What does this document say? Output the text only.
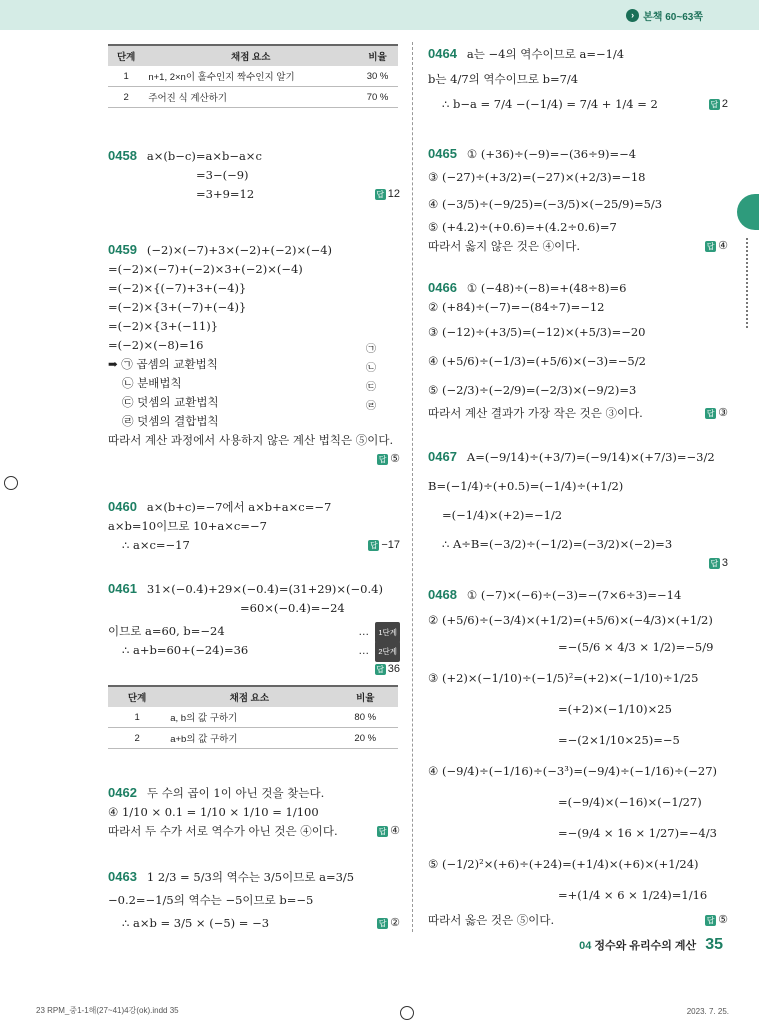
› 본책 60~63쪽
단계	채점 요소	비율
1	n+1, 2×n이 홀수인지 짝수인지 알기	30 %
2	주어진 식 계산하기	70 %
0458 a×(b−c)=a×b−a×c
=3−(−9)
=3+9=12	답 12
0459 (−2)×(−7)+3×(−2)+(−2)×(−4)
=(−2)×(−7)+(−2)×3+(−2)×(−4)
=(−2)×{(−7)+3+(−4)}
=(−2)×{3+(−7)+(−4)}
=(−2)×{3+(−11)}
=(−2)×(−8)=16	㉠
㉡
㉢
㉣
➡ ㉠ 곱셈의 교환법칙
㉡ 분배법칙
㉢ 덧셈의 교환법칙
㉣ 덧셈의 결합법칙
따라서 계산 과정에서 사용하지 않은 계산 법칙은 ⑤이다.
답 ⑤

0460 a×(b+c)=−7에서 a×b+a×c=−7
a×b=10이므로 10+a×c=−7
∴ a×c=−17	답 −17
0461 31×(−0.4)+29×(−0.4)=(31+29)×(−0.4)
=60×(−0.4)=−24
이므로 a=60, b=−24	… 1단계
∴ a+b=60+(−24)=36	… 2단계
답 36

단계	채점 요소	비율
1	a, b의 값 구하기	80 %
2	a+b의 값 구하기	20 %
0462 두 수의 곱이 1이 아닌 것을 찾는다.
④ 1/10 × 0.1 = 1/10 × 1/10 = 1/100
따라서 두 수가 서로 역수가 아닌 것은 ④이다.	답 ④
0463 1 2/3 = 5/3의 역수는 3/5이므로 a=3/5
−0.2=−1/5의 역수는 −5이므로 b=−5
∴ a×b = 3/5 × (−5) = −3	답 ②
0464 a는 −4의 역수이므로 a=−1/4
b는 4/7의 역수이므로 b=7/4
∴ b−a = 7/4 −(−1/4) = 7/4 + 1/4 = 2	답 2
0465 ① (+36)÷(−9)=−(36÷9)=−4
③ (−27)÷(+3/2)=(−27)×(+2/3)=−18
④ (−3/5)÷(−9/25)=(−3/5)×(−25/9)=5/3
⑤ (+4.2)÷(+0.6)=+(4.2÷0.6)=7
따라서 옳지 않은 것은 ④이다.	답 ④
0466 ① (−48)÷(−8)=+(48÷8)=6
② (+84)÷(−7)=−(84÷7)=−12
③ (−12)÷(+3/5)=(−12)×(+5/3)=−20
④ (+5/6)÷(−1/3)=(+5/6)×(−3)=−5/2
⑤ (−2/3)÷(−2/9)=(−2/3)×(−9/2)=3
따라서 계산 결과가 가장 작은 것은 ③이다.	답 ③
0467 A=(−9/14)÷(+3/7)=(−9/14)×(+7/3)=−3/2
B=(−1/4)÷(+0.5)=(−1/4)÷(+1/2)
=(−1/4)×(+2)=−1/2
∴ A÷B=(−3/2)÷(−1/2)=(−3/2)×(−2)=3
답 3

0468 ① (−7)×(−6)÷(−3)=−(7×6÷3)=−14
② (+5/6)÷(−3/4)×(+1/2)=(+5/6)×(−4/3)×(+1/2)
=−(5/6 × 4/3 × 1/2)=−5/9
③ (+2)×(−1/10)÷(−1/5)²=(+2)×(−1/10)÷1/25
=(+2)×(−1/10)×25
=−(2×1/10×25)=−5
④ (−9/4)÷(−1/16)÷(−3³)=(−9/4)÷(−1/16)÷(−27)
=(−9/4)×(−16)×(−1/27)
=−(9/4 × 16 × 1/27)=−4/3
⑤ (−1/2)²×(+6)÷(+24)=(+1/4)×(+6)×(+1/24)
=+(1/4 × 6 × 1/24)=1/16
따라서 옳은 것은 ⑤이다.	답 ⑤
04 정수와 유리수의 계산 35
23 RPM_중1-1해(27~41)4강(ok).indd 35	2023. 7. 25.
